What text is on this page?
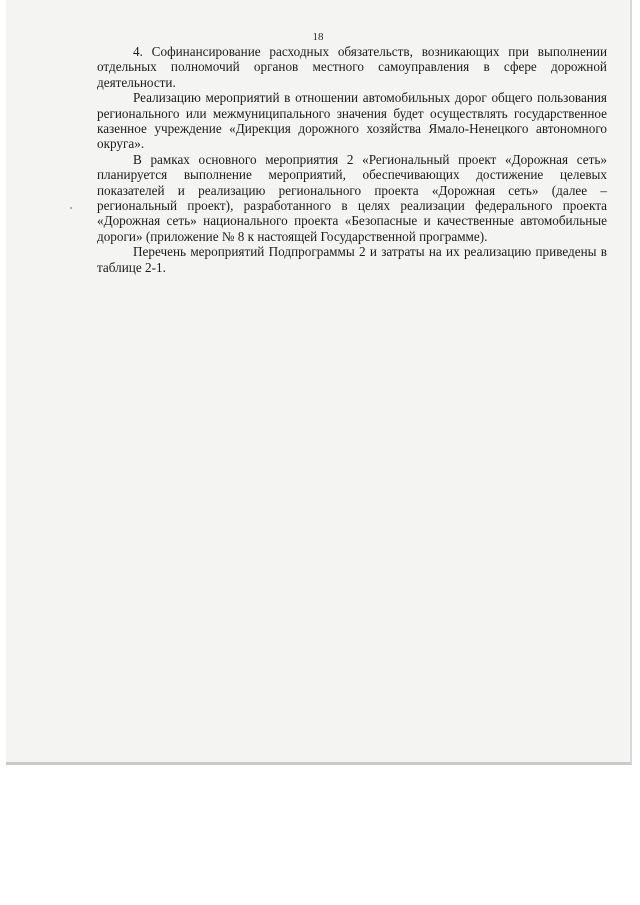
18

4. Софинансирование расходных обязательств, возникающих при выполнении отдельных полномочий органов местного самоуправления в сфере дорожной деятельности.

Реализацию мероприятий в отношении автомобильных дорог общего пользования регионального или межмуниципального значения будет осуществлять государственное казенное учреждение «Дирекция дорожного хозяйства Ямало-Ненецкого автономного округа».

В рамках основного мероприятия 2 «Региональный проект «Дорожная сеть» планируется выполнение мероприятий, обеспечивающих достижение целевых показателей и реализацию регионального проекта «Дорожная сеть» (далее – региональный проект), разработанного в целях реализации федерального проекта «Дорожная сеть» национального проекта «Безопасные и качественные автомобильные дороги» (приложение № 8 к настоящей Государственной программе).

Перечень мероприятий Подпрограммы 2 и затраты на их реализацию приведены в таблице 2-1.
